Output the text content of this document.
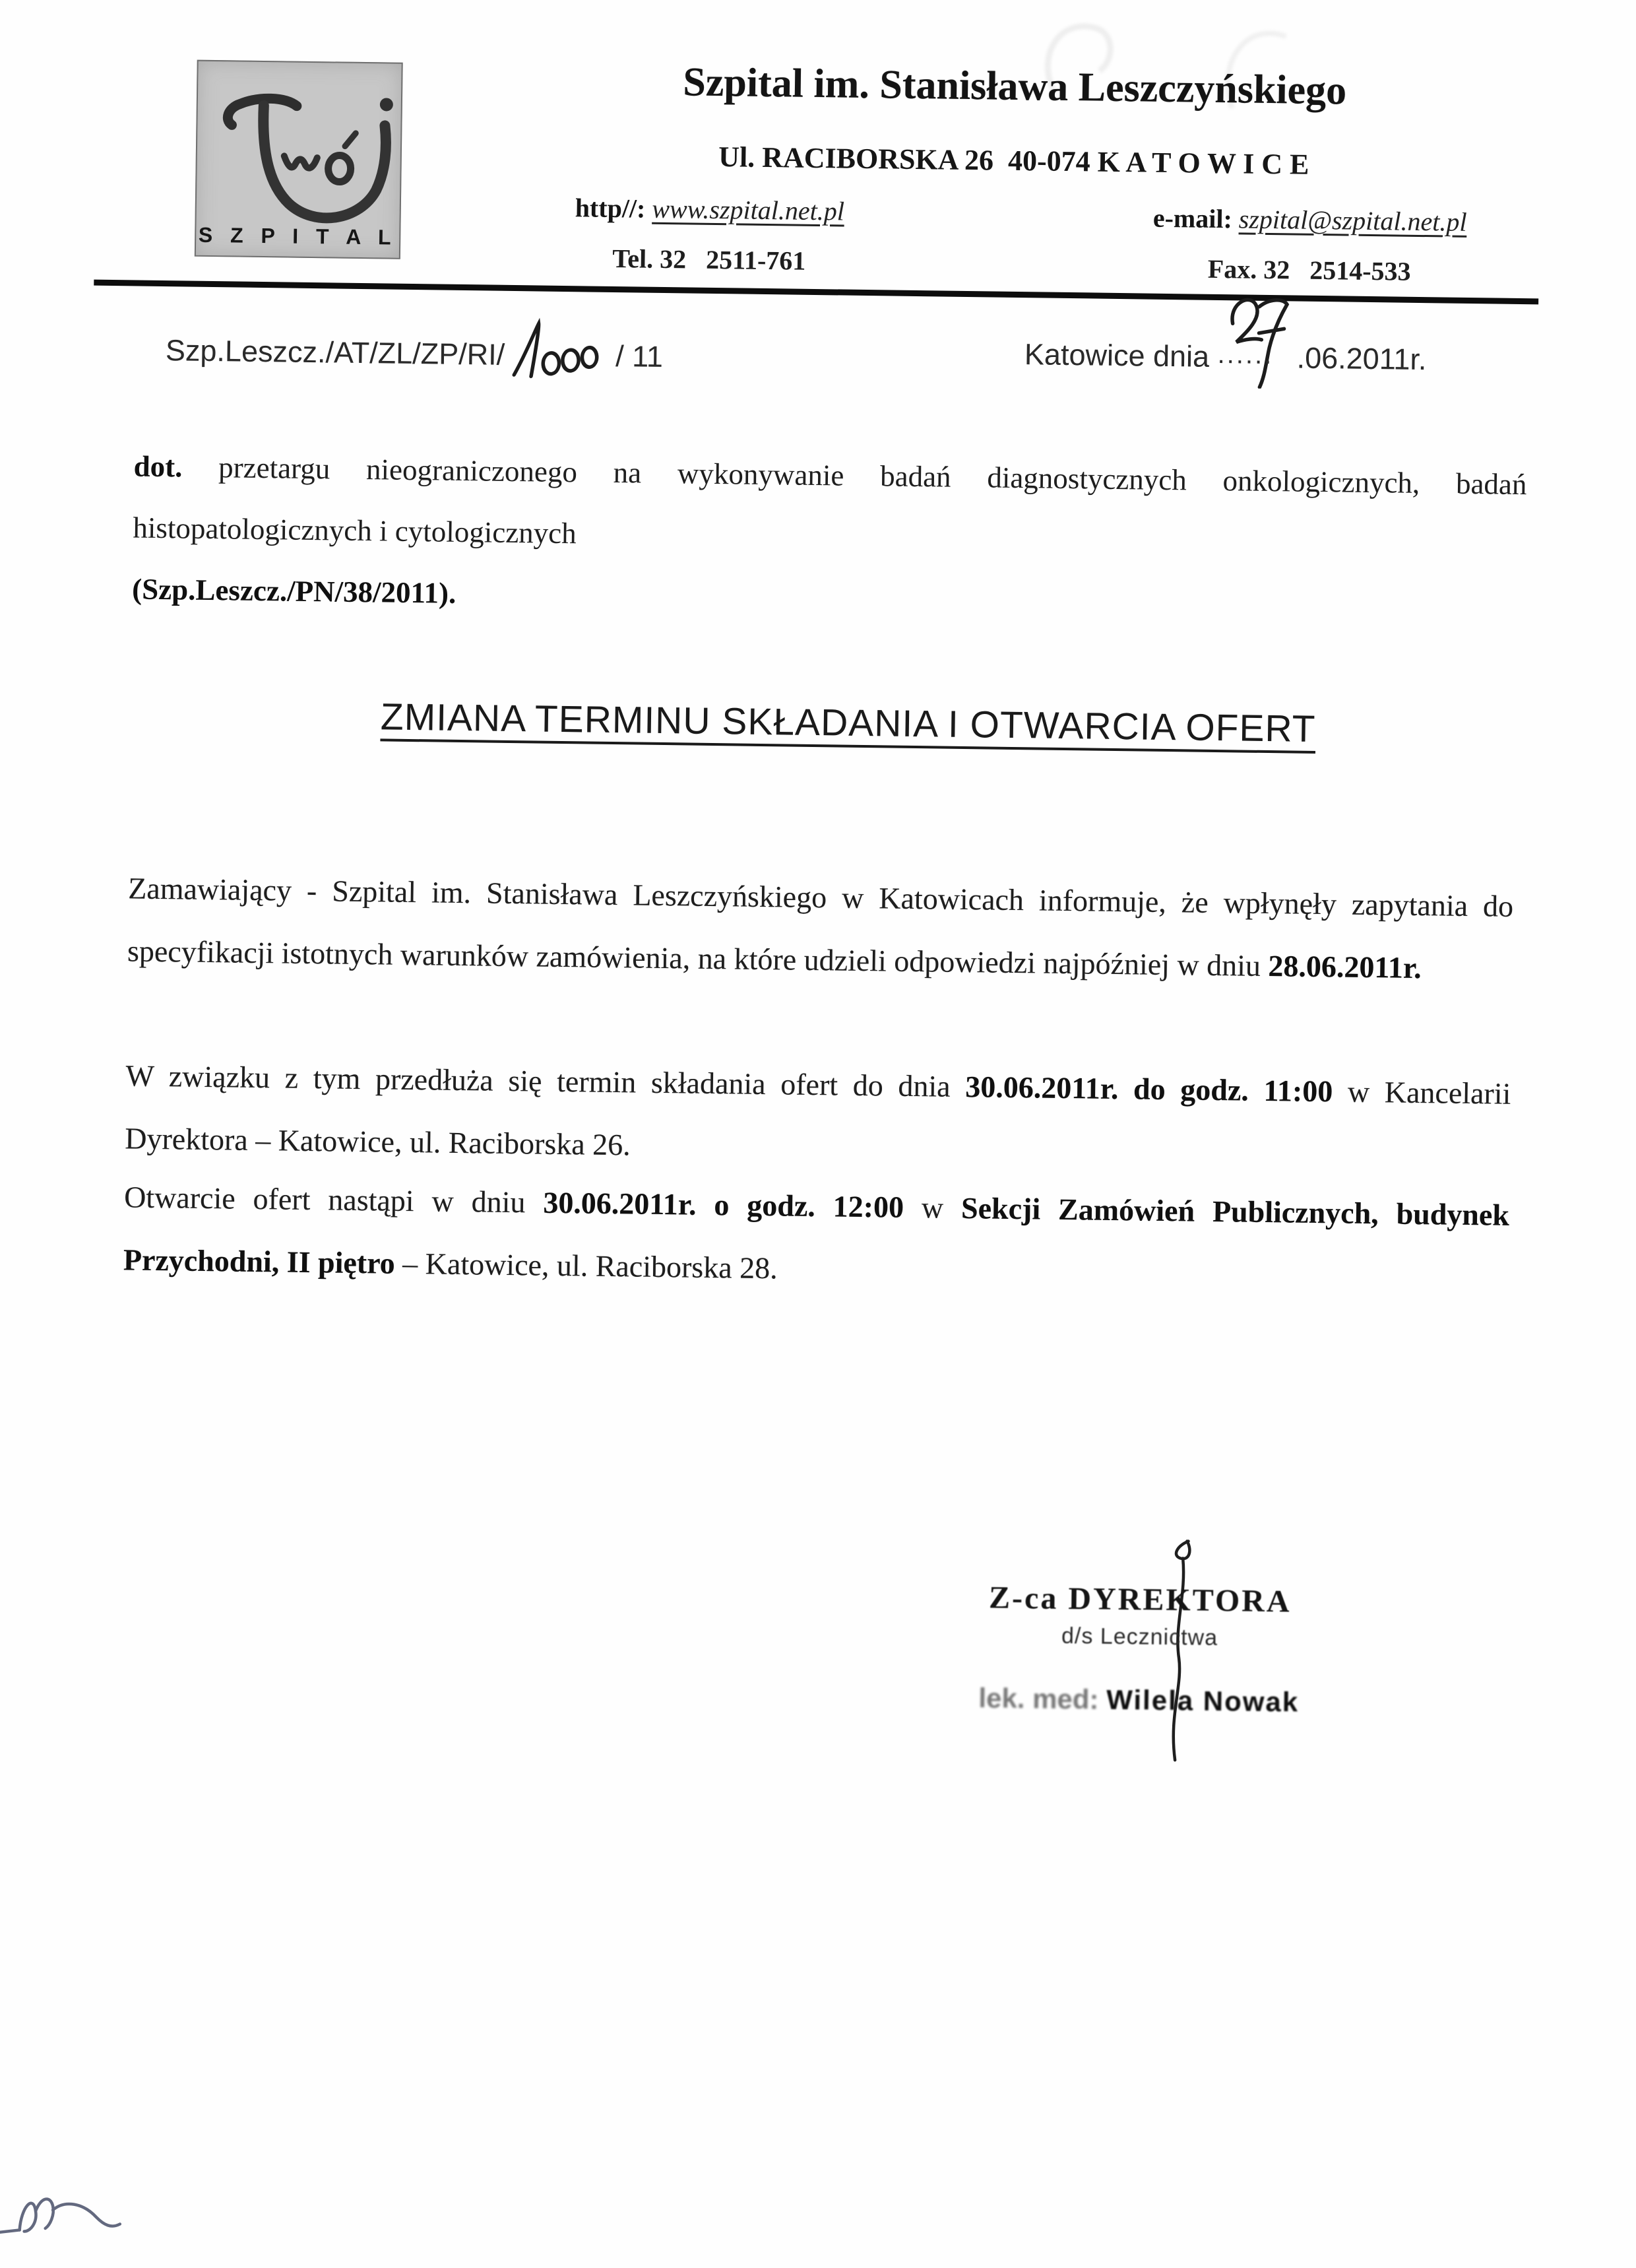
S Z P I T A L
Szpital im. Stanisława Leszczyńskiego
Ul. RACIBORSKA 26  40-074 K A T O W I C E
http//: www.szpital.net.pl	e-mail: szpital@szpital.net.pl
Tel. 32   2511-761	Fax. 32   2514-533
Szp.Leszcz./AT/ZL/ZP/RI/	/ 11	Katowice dnia ...... .06.2011r.

dot. przetargu nieograniczonego na wykonywanie badań diagnostycznych onkologicznych, badań histopatologicznych i cytologicznych

(Szp.Leszcz./PN/38/2011).
ZMIANA TERMINU SKŁADANIA I OTWARCIA OFERT

Zamawiający - Szpital im. Stanisława Leszczyńskiego w Katowicach informuje, że wpłynęły zapytania do specyfikacji istotnych warunków zamówienia, na które udzieli odpowiedzi najpóźniej w dniu 28.06.2011r.

W związku z tym przedłuża się termin składania ofert do dnia 30.06.2011r. do godz. 11:00 w Kancelarii Dyrektora – Katowice, ul. Raciborska 26.

Otwarcie ofert nastąpi w dniu 30.06.2011r. o godz. 12:00 w Sekcji Zamówień Publicznych, budynek Przychodni, II piętro – Katowice, ul. Raciborska 28.

Z-ca DYREKTORA
d/s Lecznictwa
lek. med: Wilela Nowak
